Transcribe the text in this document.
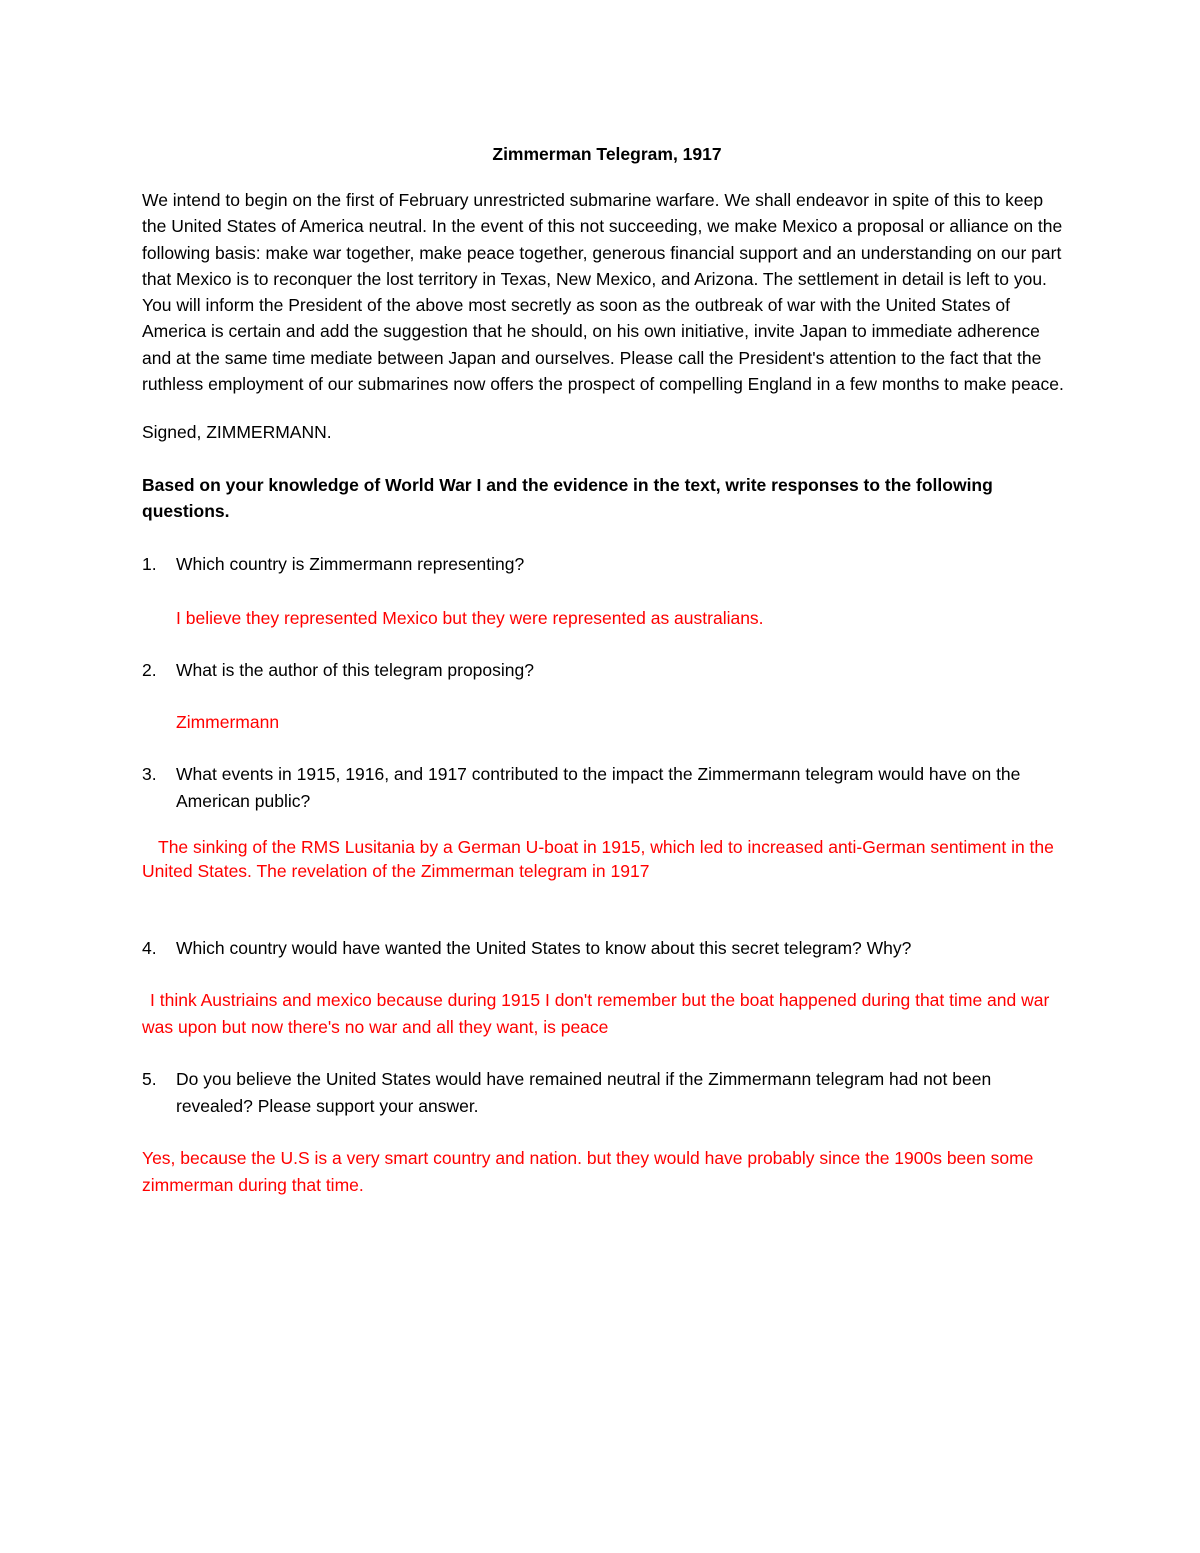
Zimmerman Telegram, 1917

We intend to begin on the first of February unrestricted submarine warfare. We shall endeavor in spite of this to keep the United States of America neutral. In the event of this not succeeding, we make Mexico a proposal or alliance on the following basis: make war together, make peace together, generous financial support and an understanding on our part that Mexico is to reconquer the lost territory in Texas, New Mexico, and Arizona. The settlement in detail is left to you. You will inform the President of the above most secretly as soon as the outbreak of war with the United States of America is certain and add the suggestion that he should, on his own initiative, invite Japan to immediate adherence and at the same time mediate between Japan and ourselves. Please call the President's attention to the fact that the ruthless employment of our submarines now offers the prospect of compelling England in a few months to make peace.

Signed, ZIMMERMANN.

Based on your knowledge of World War I and the evidence in the text, write responses to the following questions.

1.	Which country is Zimmermann representing?

I believe they represented Mexico but they were represented as australians.

2.	What is the author of this telegram proposing?

Zimmermann

3.	What events in 1915, 1916, and 1917 contributed to the impact the Zimmermann telegram would have on the American public?

The sinking of the RMS Lusitania by a German U-boat in 1915, which led to increased anti-German sentiment in the United States. The revelation of the Zimmerman telegram in 1917

4.	Which country would have wanted the United States to know about this secret telegram? Why?

I think Austriains and mexico because during 1915 I don't remember but the boat happened during that time and war was upon but now there's no war and all they want, is peace

5.	Do you believe the United States would have remained neutral if the Zimmermann telegram had not been revealed? Please support your answer.

Yes, because the U.S is a very smart country and nation. but they would have probably since the 1900s been some zimmerman during that time.
